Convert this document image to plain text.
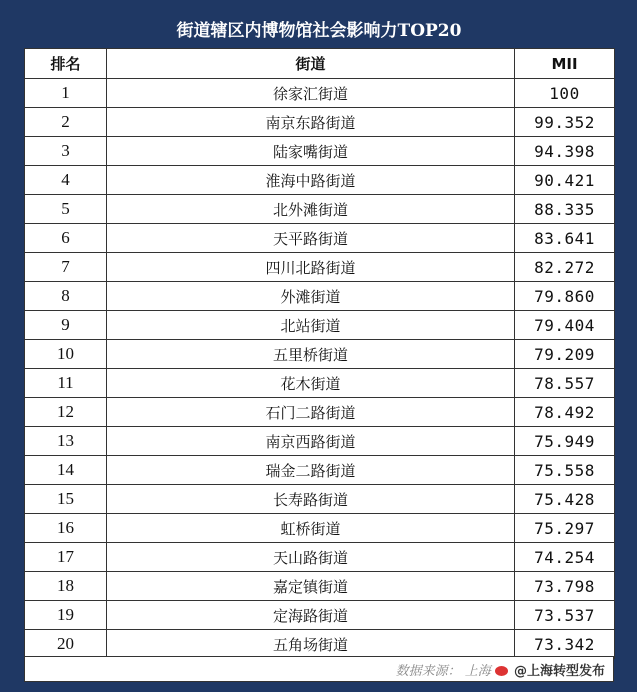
街道辖区内博物馆社会影响力TOP20
排名	街道	MII
1	徐家汇街道	100
2	南京东路街道	99.352
3	陆家嘴街道	94.398
4	淮海中路街道	90.421
5	北外滩街道	88.335
6	天平路街道	83.641
7	四川北路街道	82.272
8	外滩街道	79.860
9	北站街道	79.404
10	五里桥街道	79.209
11	花木街道	78.557
12	石门二路街道	78.492
13	南京西路街道	75.949
14	瑞金二路街道	75.558
15	长寿路街道	75.428
16	虹桥街道	75.297
17	天山路街道	74.254
18	嘉定镇街道	73.798
19	定海路街道	73.537
20	五角场街道	73.342
数据来源： 上海 @上海转型发布
